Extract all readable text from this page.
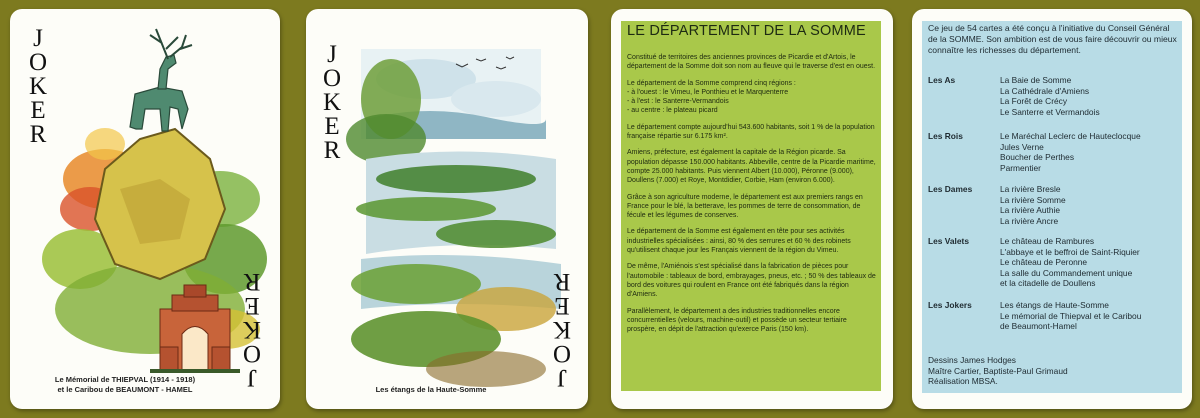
J
O
K
E
R
J
O
K
E
R
Le Mémorial de THIEPVAL (1914 - 1918)
et le Caribou de BEAUMONT - HAMEL
J
O
K
E
R
J
O
K
E
R
Les étangs de la Haute-Somme
LE DÉPARTEMENT DE LA SOMME

Constitué de territoires des anciennes provinces de Picardie et d'Artois, le département de la Somme doit son nom au fleuve qui le traverse d'est en ouest.

Le département de la Somme comprend cinq régions :

- à l'ouest : le Vimeu, le Ponthieu et le Marquenterre

- à l'est : le Santerre-Vermandois

- au centre : le plateau picard

Le département compte aujourd'hui 543.600 habitants, soit 1 % de la population française répartie sur 6.175 km².

Amiens, préfecture, est également la capitale de la Région picarde. Sa population dépasse 150.000 habitants. Abbeville, centre de la Picardie maritime, compte 25.000 habitants. Puis viennent Albert (10.000), Péronne (9.000), Doullens (7.000) et Roye, Montdidier, Corbie, Ham (environ 6.000).

Grâce à son agriculture moderne, le département est aux premiers rangs en France pour le blé, la betterave, les pommes de terre de consommation, de fécule et les légumes de conserves.

Le département de la Somme est également en tête pour ses activités industrielles spécialisées : ainsi, 80 % des serrures et 60 % des robinets qu'utilisent chaque jour les Français viennent de la région du Vimeu.

De même, l'Amiénois s'est spécialisé dans la fabrication de pièces pour l'automobile : tableaux de bord, embrayages, pneus, etc. ; 50 % des tableaux de bord des voitures qui roulent en France ont été fabriqués dans la région d'Amiens.

Parallèlement, le département a des industries traditionnelles encore concurrentielles (velours, machine-outil) et possède un secteur tertiaire prospère, en dépit de l'attraction qu'exerce Paris (150 km).

Ce jeu de 54 cartes a été conçu à l'initiative du Conseil Général de la SOMME. Son ambition est de vous faire découvrir ou mieux connaître les richesses du département.
Les As	La Baie de Somme
La Cathédrale d'Amiens
La Forêt de Crécy
Le Santerre et Vermandois
Les Rois	Le Maréchal Leclerc de Hauteclocque
Jules Verne
Boucher de Perthes
Parmentier
Les Dames	La rivière Bresle
La rivière Somme
La rivière Authie
La rivière Ancre
Les Valets	Le château de Rambures
L'abbaye et le beffroi de Saint-Riquier
Le château de Peronne
La salle du Commandement unique
et la citadelle de Doullens
Les Jokers	Les étangs de Haute-Somme
Le mémorial de Thiepval et le Caribou
de Beaumont-Hamel
Dessins James Hodges
Maître Cartier, Baptiste-Paul Grimaud
Réalisation MBSA.
